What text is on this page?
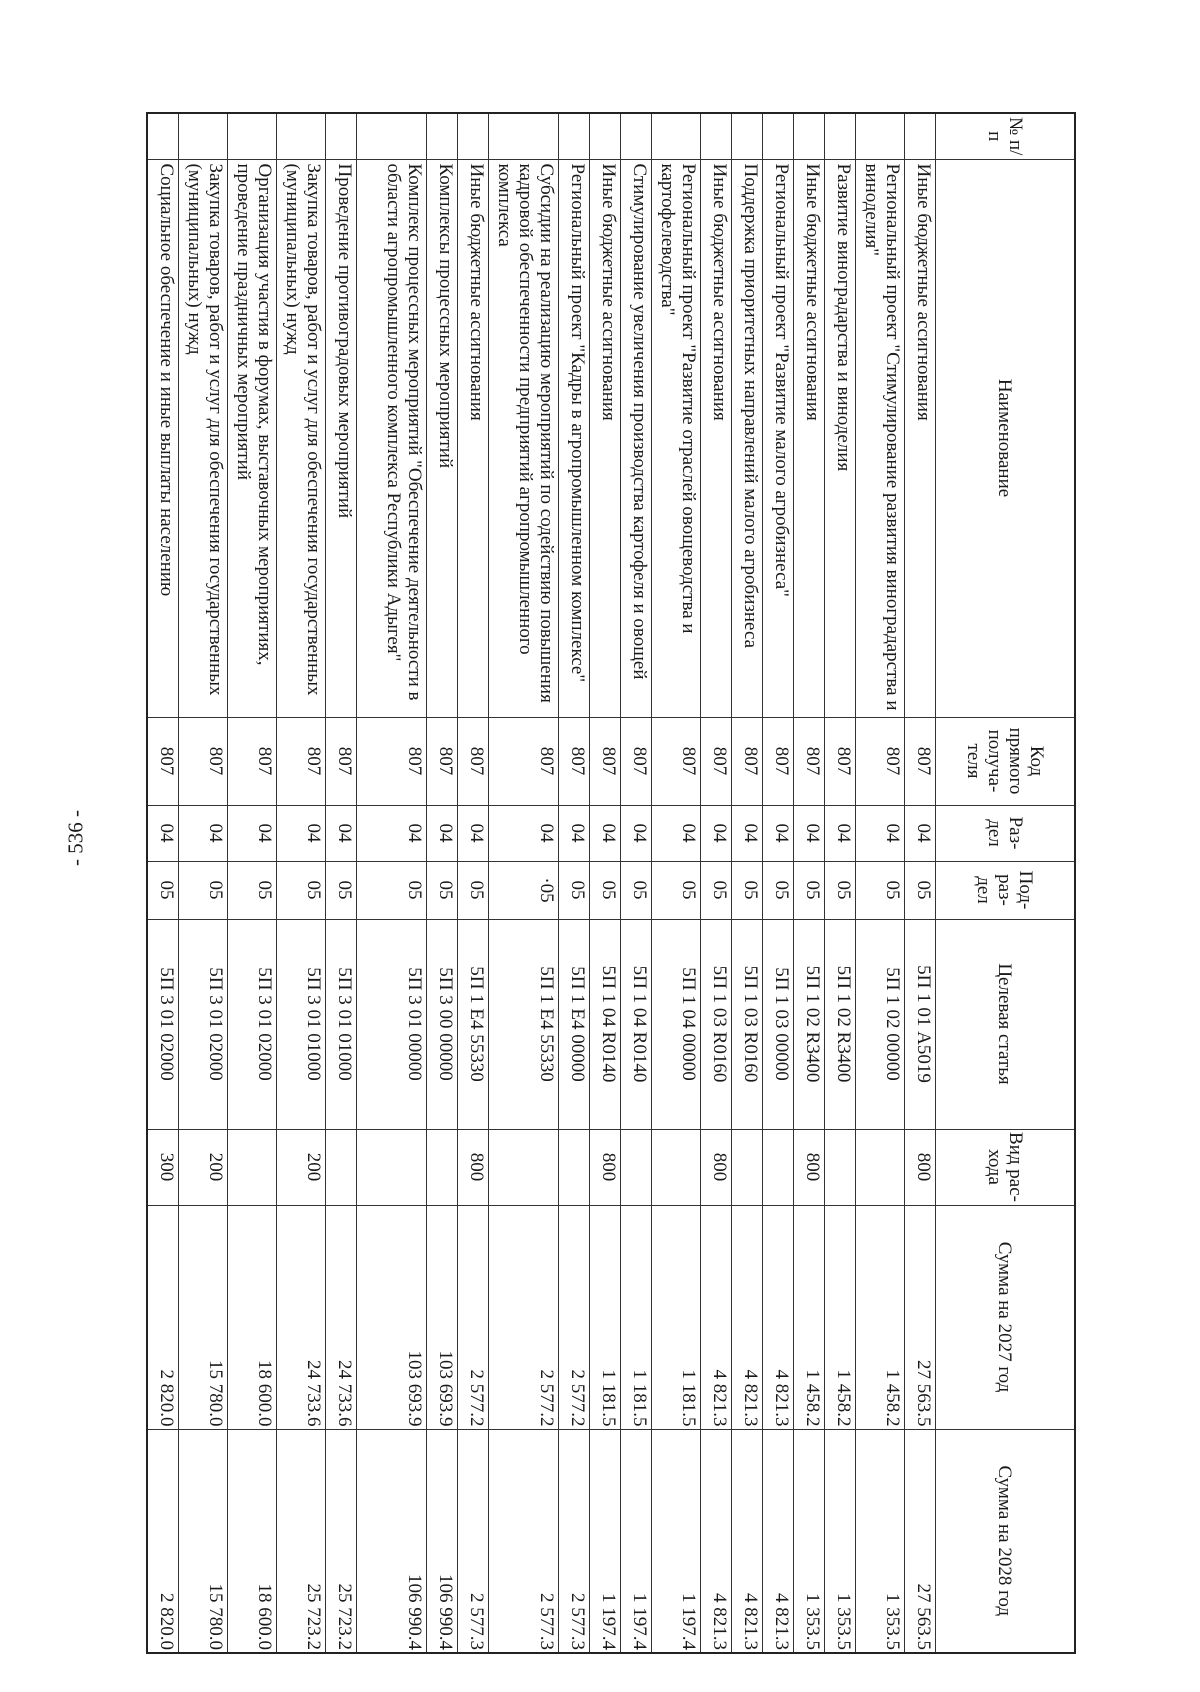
- 536 -
№ п/п	Наименование	Код прямого получа- теля	Раз- дел	Под- раз- дел	Целевая статья	Вид рас- хода	Сумма на 2027 год	Сумма на 2028 год
	Иные бюджетные ассигнования	807	04	05	5П 1 01 A5019	800	27 563.5	27 563.5
	Региональный проект "Стимулирование развития виноградарства и виноделия"	807	04	05	5П 1 02 00000		1 458.2	1 353.5
	Развитие виноградарства и виноделия	807	04	05	5П 1 02 R3400		1 458.2	1 353.5
	Иные бюджетные ассигнования	807	04	05	5П 1 02 R3400	800	1 458.2	1 353.5
	Региональный проект "Развитие малого агробизнеса"	807	04	05	5П 1 03 00000		4 821.3	4 821.3
	Поддержка приоритетных направлений малого агробизнеса	807	04	05	5П 1 03 R0160		4 821.3	4 821.3
	Иные бюджетные ассигнования	807	04	05	5П 1 03 R0160	800	4 821.3	4 821.3
	Региональный проект "Развитие отраслей овощеводства и картофелеводства"	807	04	05	5П 1 04 00000		1 181.5	1 197.4
	Стимулирование увеличения производства картофеля и овощей	807	04	05	5П 1 04 R0140		1 181.5	1 197.4
	Иные бюджетные ассигнования	807	04	05	5П 1 04 R0140	800	1 181.5	1 197.4
	Региональный проект "Кадры в агропромышленном комплексе"	807	04	05	5П 1 E4 00000		2 577.2	2 577.3
	Субсидии на реализацию мероприятий по содействию повышения кадровой обеспеченности предприятий агропромышленного комплекса	807	04	·05	5П 1 E4 55330		2 577.2	2 577.3
	Иные бюджетные ассигнования	807	04	05	5П 1 E4 55330	800	2 577.2	2 577.3
	Комплексы процессных мероприятий	807	04	05	5П 3 00 00000		103 693.9	106 990.4
	Комплекс процессных мероприятий "Обеспечение деятельности в области агропромышленного комплекса Республики Адыгея"	807	04	05	5П 3 01 00000		103 693.9	106 990.4
	Проведение противоградовых мероприятий	807	04	05	5П 3 01 01000		24 733.6	25 723.2
	Закупка товаров, работ и услуг для обеспечения государственных (муниципальных) нужд	807	04	05	5П 3 01 01000	200	24 733.6	25 723.2
	Организация участия в форумах, выставочных мероприятиях, проведение праздничных мероприятий	807	04	05	5П 3 01 02000		18 600.0	18 600.0
	Закупка товаров, работ и услуг для обеспечения государственных (муниципальных) нужд	807	04	05	5П 3 01 02000	200	15 780.0	15 780.0
	Социальное обеспечение и иные выплаты населению	807	04	05	5П 3 01 02000	300	2 820.0	2 820.0
